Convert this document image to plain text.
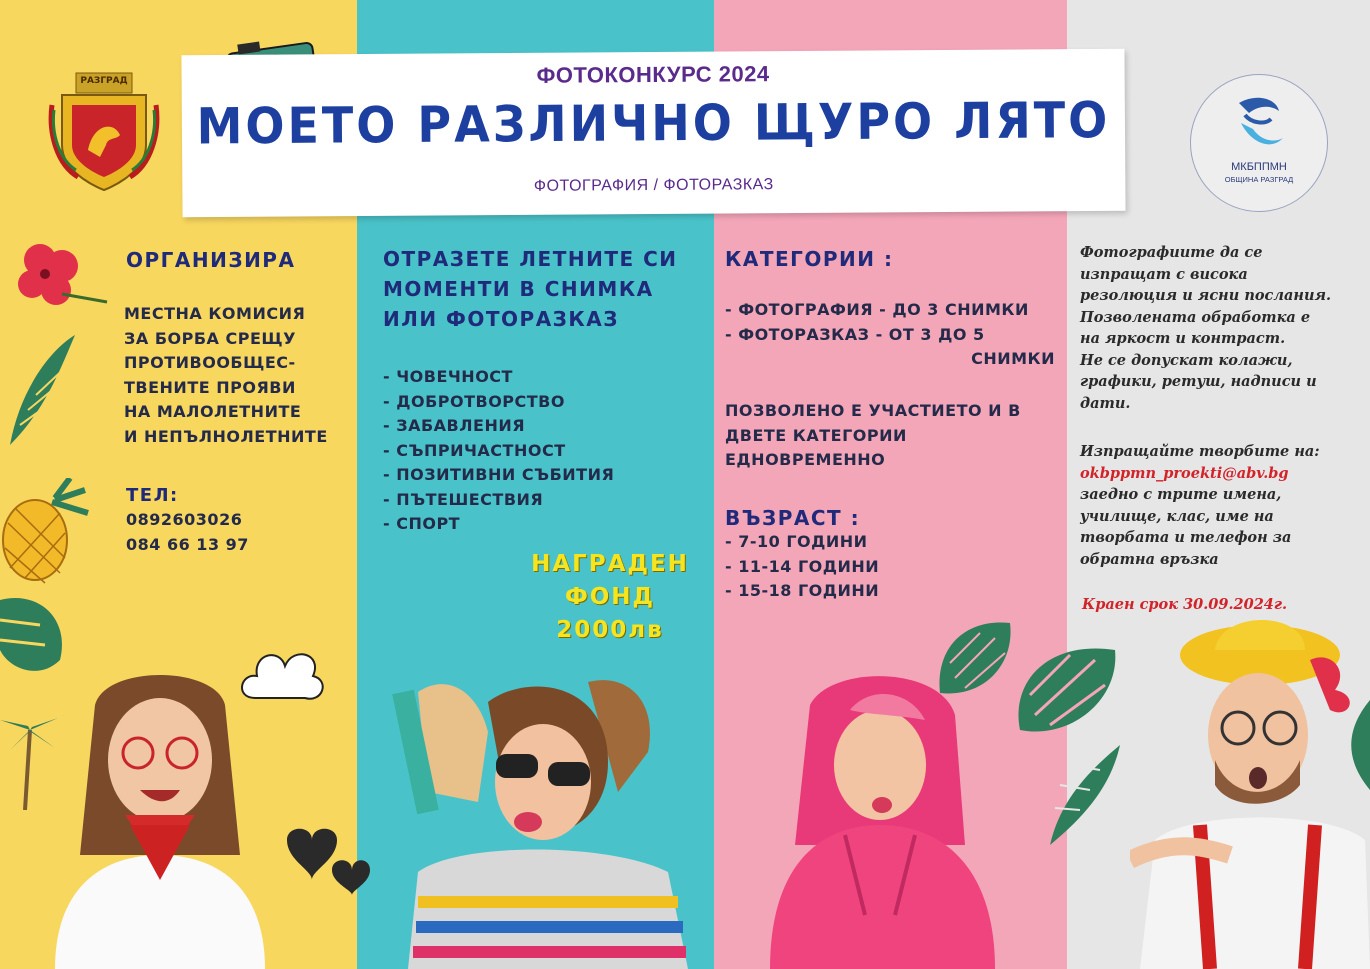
РАЗГРАД
МКБППМН
ОБЩИНА РАЗГРАД
ФОТОКОНКУРС 2024
МОЕТО РАЗЛИЧНО ЩУРО ЛЯТО
ФОТОГРАФИЯ / ФОТОРАЗКАЗ
ОРГАНИЗИРА
МЕСТНА КОМИСИЯ
ЗА БОРБА СРЕЩУ
ПРОТИВООБЩЕС-
ТВЕНИТЕ ПРОЯВИ
НА МАЛОЛЕТНИТЕ
И НЕПЪЛНОЛЕТНИТЕ
ТЕЛ:
0892603026
084 66 13 97
ОТРАЗЕТЕ ЛЕТНИТЕ СИ
МОМЕНТИ В СНИМКА
ИЛИ ФОТОРАЗКАЗ
- ЧОВЕЧНОСТ
- ДОБРОТВОРСТВО
- ЗАБАВЛЕНИЯ
- СЪПРИЧАСТНОСТ
- ПОЗИТИВНИ СЪБИТИЯ
- ПЪТЕШЕСТВИЯ
- СПОРТ
НАГРАДЕН
ФОНД
2000лв
КАТЕГОРИИ :
- ФОТОГРАФИЯ - ДО 3 СНИМКИ
- ФОТОРАЗКАЗ - ОТ 3 ДО 5
СНИМКИ
ПОЗВОЛЕНО Е УЧАСТИЕТО И В
ДВЕТЕ КАТЕГОРИИ
ЕДНОВРЕМЕННО
ВЪЗРАСТ :
- 7-10 ГОДИНИ
- 11-14 ГОДИНИ
- 15-18 ГОДИНИ
Фотографиите да се
изпращат с висока
резолюция и ясни послания.
Позволената обработка е
на яркост и контраст.
Не се допускат колажи,
графики, ретуш, надписи и
дати.
Изпращайте творбите на:
okbppmn_proekti@abv.bg
заедно с трите имена,
училище, клас, име на
творбата и телефон за
обратна връзка
Краен срок 30.09.2024г.
